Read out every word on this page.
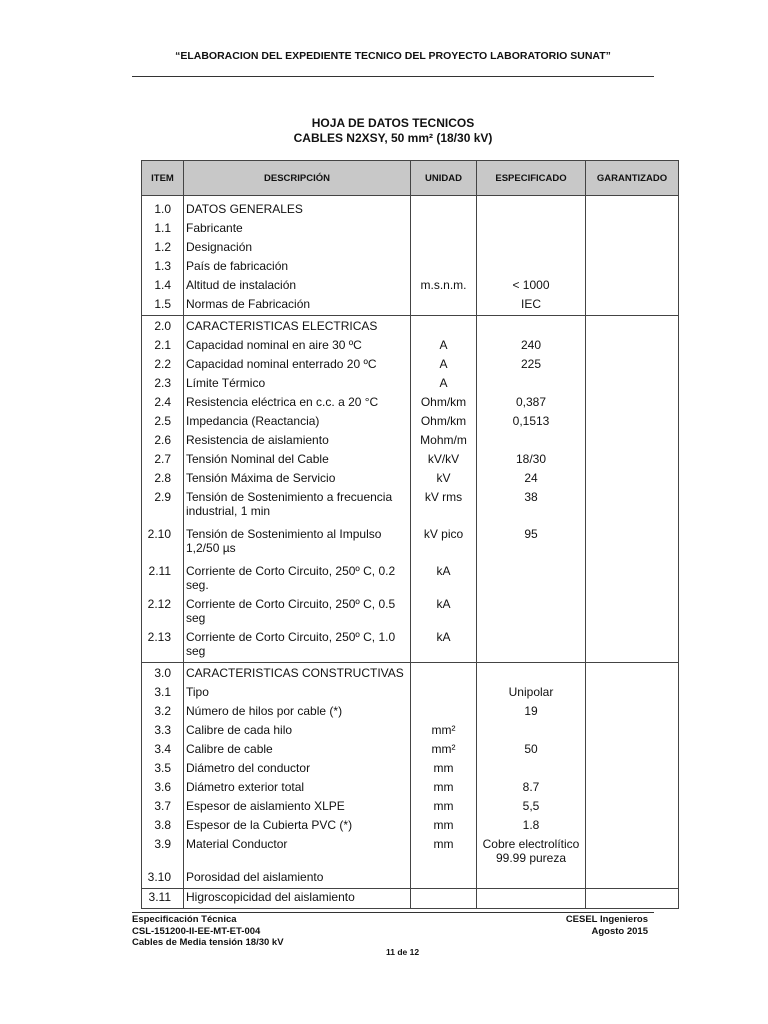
“ELABORACION DEL EXPEDIENTE TECNICO DEL PROYECTO LABORATORIO SUNAT”
HOJA DE DATOS TECNICOS
CABLES N2XSY, 50 mm² (18/30 kV)
ITEM	DESCRIPCIÓN	UNIDAD	ESPECIFICADO	GARANTIZADO
1.0	DATOS GENERALES			
1.1	Fabricante			
1.2	Designación			
1.3	País de fabricación			
1.4	Altitud de instalación	m.s.n.m.	< 1000	
1.5	Normas de Fabricación		IEC	
2.0	CARACTERISTICAS ELECTRICAS			
2.1	Capacidad nominal en aire 30 ºC	A	240	
2.2	Capacidad nominal enterrado 20 ºC	A	225	
2.3	Límite Térmico	A		
2.4	Resistencia eléctrica en c.c. a 20 °C	Ohm/km	0,387	
2.5	Impedancia (Reactancia)	Ohm/km	0,1513	
2.6	Resistencia de aislamiento	Mohm/m		
2.7	Tensión Nominal del Cable	kV/kV	18/30	
2.8	Tensión Máxima de Servicio	kV	24	
2.9	Tensión de Sostenimiento a frecuencia industrial, 1 min	kV rms	38	
2.10	Tensión de Sostenimiento al Impulso 1,2/50 µs	kV pico	95	
2.11	Corriente de Corto Circuito, 250º C, 0.2 seg.	kA		
2.12	Corriente de Corto Circuito, 250º C, 0.5 seg	kA		
2.13	Corriente de Corto Circuito, 250º C, 1.0 seg	kA		
3.0	CARACTERISTICAS CONSTRUCTIVAS			
3.1	Tipo		Unipolar	
3.2	Número de hilos por cable (*)		19	
3.3	Calibre de cada hilo	mm²		
3.4	Calibre de cable	mm²	50	
3.5	Diámetro del conductor	mm		
3.6	Diámetro exterior total	mm	8.7	
3.7	Espesor de aislamiento XLPE	mm	5,5	
3.8	Espesor de la Cubierta PVC (*)	mm	1.8	
3.9	Material Conductor	mm	Cobre electrolítico 99.99 pureza	
3.10	Porosidad del aislamiento			
3.11	Higroscopicidad del aislamiento			
Especificación Técnica
CSL-151200-II-EE-MT-ET-004
Cables de Media tensión 18/30 kV
CESEL Ingenieros
Agosto 2015
11 de 12
